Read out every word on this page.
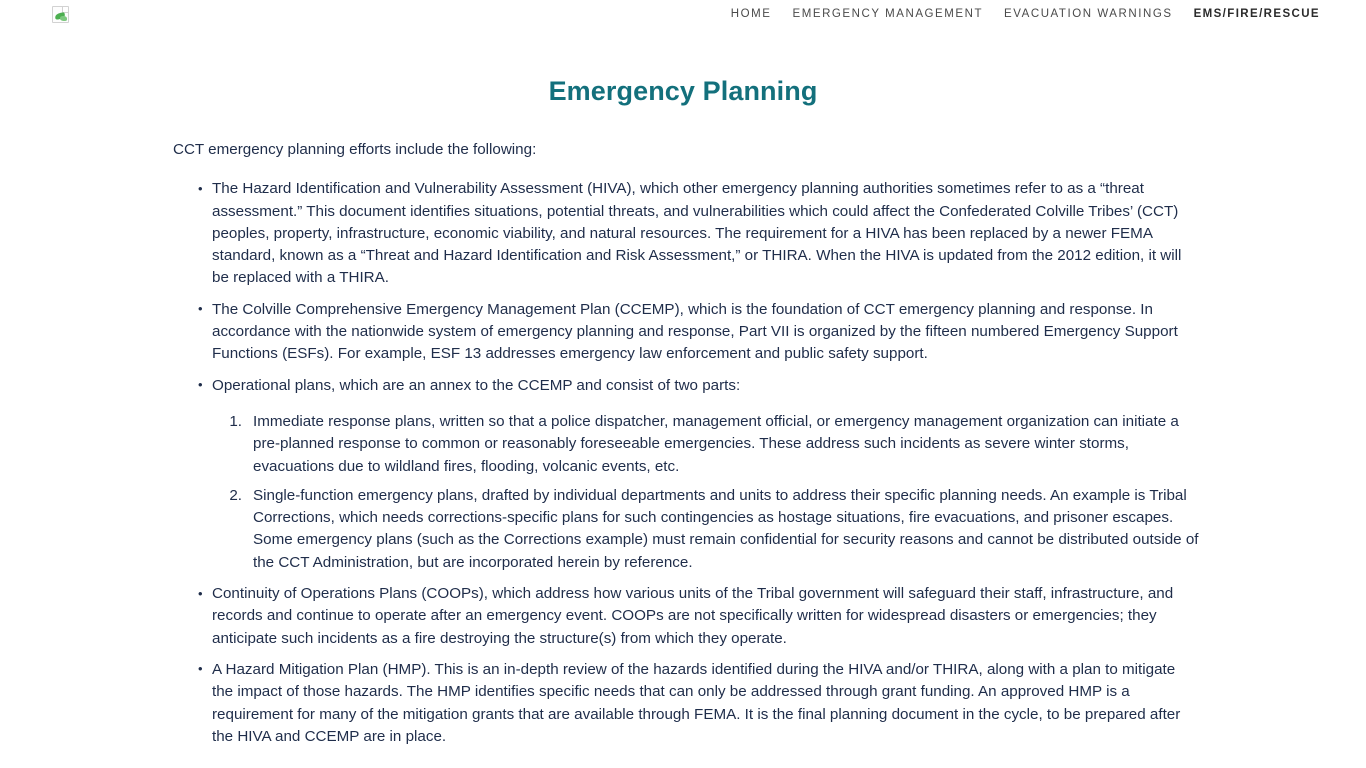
HOME EMERGENCY MANAGEMENT EVACUATION WARNINGS EMS/FIRE/RESCUE
Emergency Planning

CCT emergency planning efforts include the following:

• The Hazard Identification and Vulnerability Assessment (HIVA), which other emergency planning authorities sometimes refer to as a “threat assessment.” This document identifies situations, potential threats, and vulnerabilities which could affect the Confederated Colville Tribes’ (CCT) peoples, property, infrastructure, economic viability, and natural resources. The requirement for a HIVA has been replaced by a newer FEMA standard, known as a “Threat and Hazard Identification and Risk Assessment,” or THIRA. When the HIVA is updated from the 2012 edition, it will be replaced with a THIRA.
• The Colville Comprehensive Emergency Management Plan (CCEMP), which is the foundation of CCT emergency planning and response. In accordance with the nationwide system of emergency planning and response, Part VII is organized by the fifteen numbered Emergency Support Functions (ESFs). For example, ESF 13 addresses emergency law enforcement and public safety support.
• Operational plans, which are an annex to the CCEMP and consist of two parts:
Immediate response plans, written so that a police dispatcher, management official, or emergency management organization can initiate a pre-planned response to common or reasonably foreseeable emergencies. These address such incidents as severe winter storms, evacuations due to wildland fires, flooding, volcanic events, etc.
Single-function emergency plans, drafted by individual departments and units to address their specific planning needs. An example is Tribal Corrections, which needs corrections-specific plans for such contingencies as hostage situations, fire evacuations, and prisoner escapes. Some emergency plans (such as the Corrections example) must remain confidential for security reasons and cannot be distributed outside of the CCT Administration, but are incorporated herein by reference.
• Continuity of Operations Plans (COOPs), which address how various units of the Tribal government will safeguard their staff, infrastructure, and records and continue to operate after an emergency event. COOPs are not specifically written for widespread disasters or emergencies; they anticipate such incidents as a fire destroying the structure(s) from which they operate.
• A Hazard Mitigation Plan (HMP). This is an in-depth review of the hazards identified during the HIVA and/or THIRA, along with a plan to mitigate the impact of those hazards. The HMP identifies specific needs that can only be addressed through grant funding. An approved HMP is a requirement for many of the mitigation grants that are available through FEMA. It is the final planning document in the cycle, to be prepared after the HIVA and CCEMP are in place.
